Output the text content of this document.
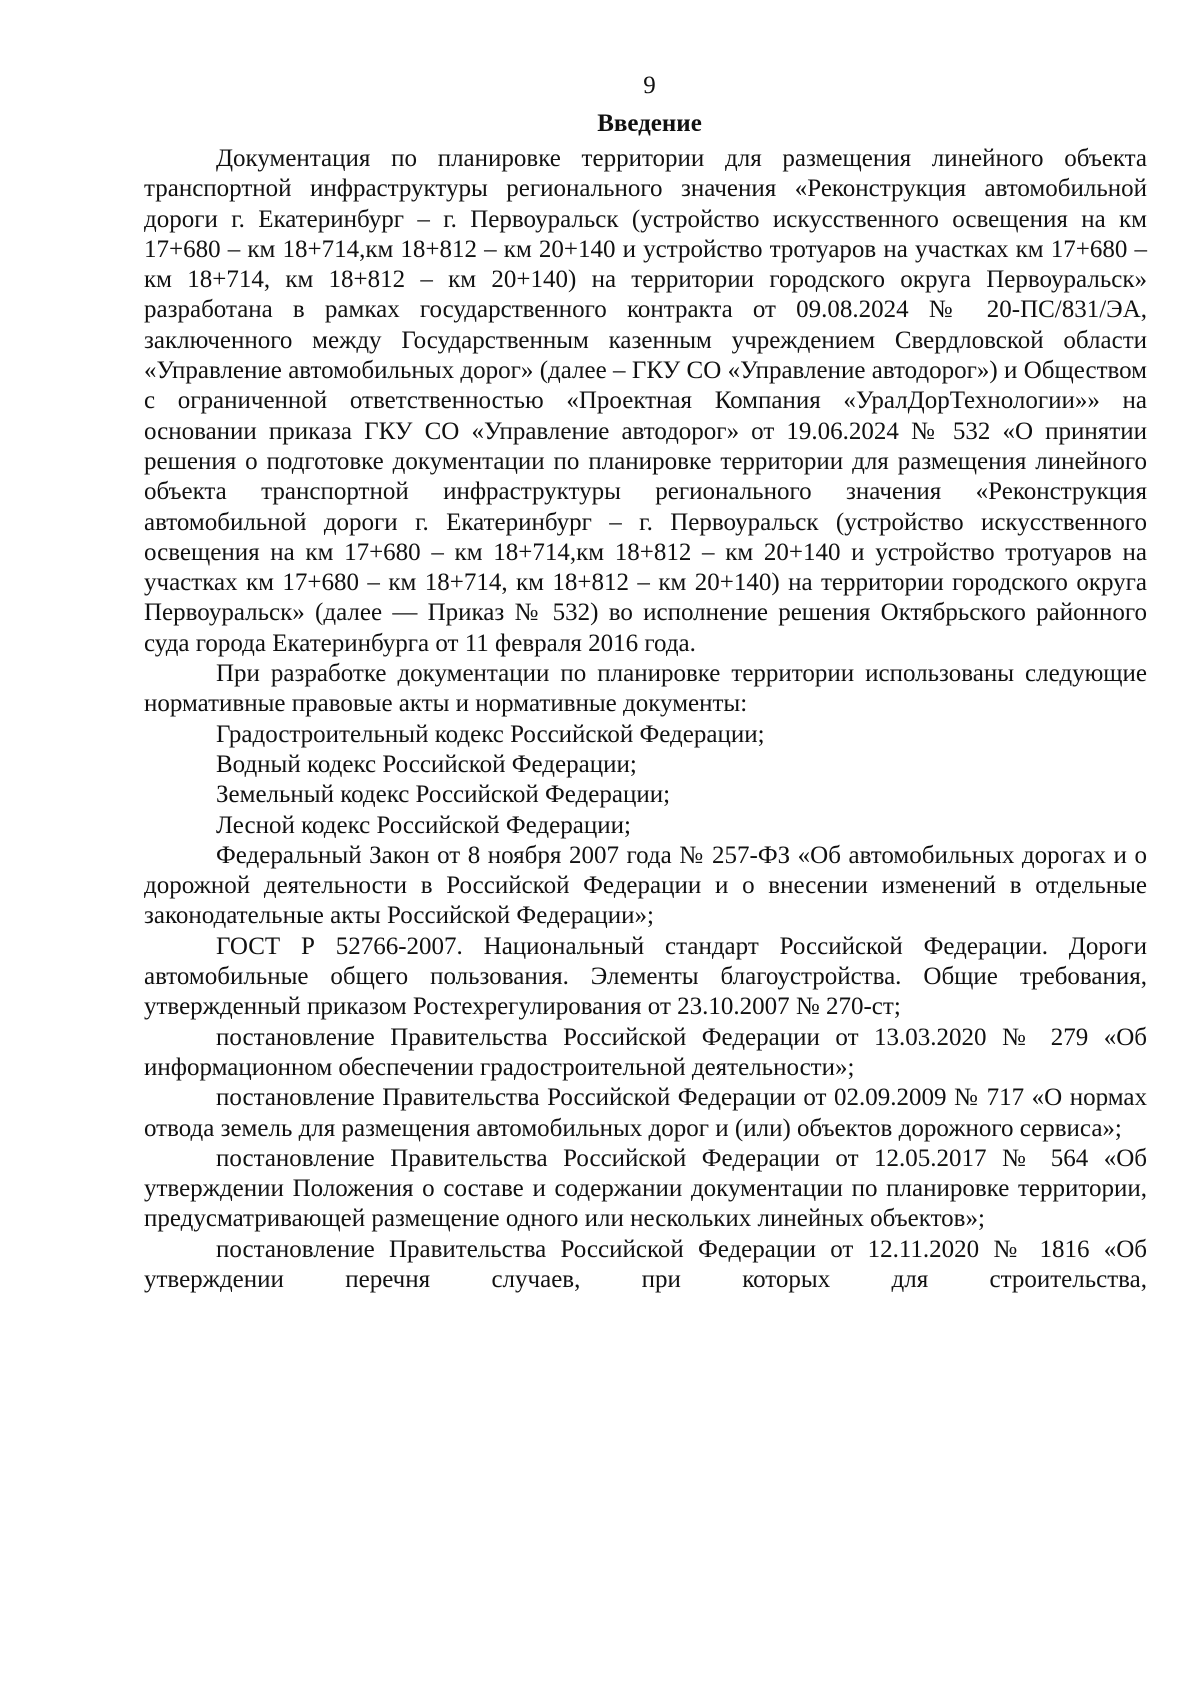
9
Введение

Документация по планировке территории для размещения линейного объекта транспортной инфраструктуры регионального значения «Реконструкция автомобильной дороги г. Екатеринбург – г. Первоуральск (устройство искусственного освещения на км 17+680 – км 18+714,км 18+812 – км 20+140 и устройство тротуаров на участках км 17+680 – км 18+714, км 18+812 – км 20+140) на территории городского округа Первоуральск» разработана в рамках государственного контракта от 09.08.2024 № 20-ПС/831/ЭА, заключенного между Государственным казенным учреждением Свердловской области «Управление автомобильных дорог» (далее – ГКУ СО «Управление автодорог») и Обществом с ограниченной ответственностью «Проектная Компания «УралДорТехнологии»» на основании приказа ГКУ СО «Управление автодорог» от 19.06.2024 № 532 «О принятии решения о подготовке документации по планировке территории для размещения линейного объекта транспортной инфраструктуры регионального значения «Реконструкция автомобильной дороги г. Екатеринбург – г. Первоуральск (устройство искусственного освещения на км 17+680 – км 18+714,км 18+812 – км 20+140 и устройство тротуаров на участках км 17+680 – км 18+714, км 18+812 – км 20+140) на территории городского округа Первоуральск» (далее — Приказ № 532) во исполнение решения Октябрьского районного суда города Екатеринбурга от 11 февраля 2016 года.

При разработке документации по планировке территории использованы следующие нормативные правовые акты и нормативные документы:

Градостроительный кодекс Российской Федерации;

Водный кодекс Российской Федерации;

Земельный кодекс Российской Федерации;

Лесной кодекс Российской Федерации;

Федеральный Закон от 8 ноября 2007 года № 257-ФЗ «Об автомобильных дорогах и о дорожной деятельности в Российской Федерации и о внесении изменений в отдельные законодательные акты Российской Федерации»;

ГОСТ Р 52766-2007. Национальный стандарт Российской Федерации. Дороги автомобильные общего пользования. Элементы благоустройства. Общие требования, утвержденный приказом Ростехрегулирования от 23.10.2007 № 270-ст;

постановление Правительства Российской Федерации от 13.03.2020 № 279 «Об информационном обеспечении градостроительной деятельности»;

постановление Правительства Российской Федерации от 02.09.2009 № 717 «О нормах отвода земель для размещения автомобильных дорог и (или) объектов дорожного сервиса»;

постановление Правительства Российской Федерации от 12.05.2017 № 564 «Об утверждении Положения о составе и содержании документации по планировке территории, предусматривающей размещение одного или нескольких линейных объектов»;

постановление Правительства Российской Федерации от 12.11.2020 № 1816 «Об утверждении перечня случаев, при которых для строительства,
